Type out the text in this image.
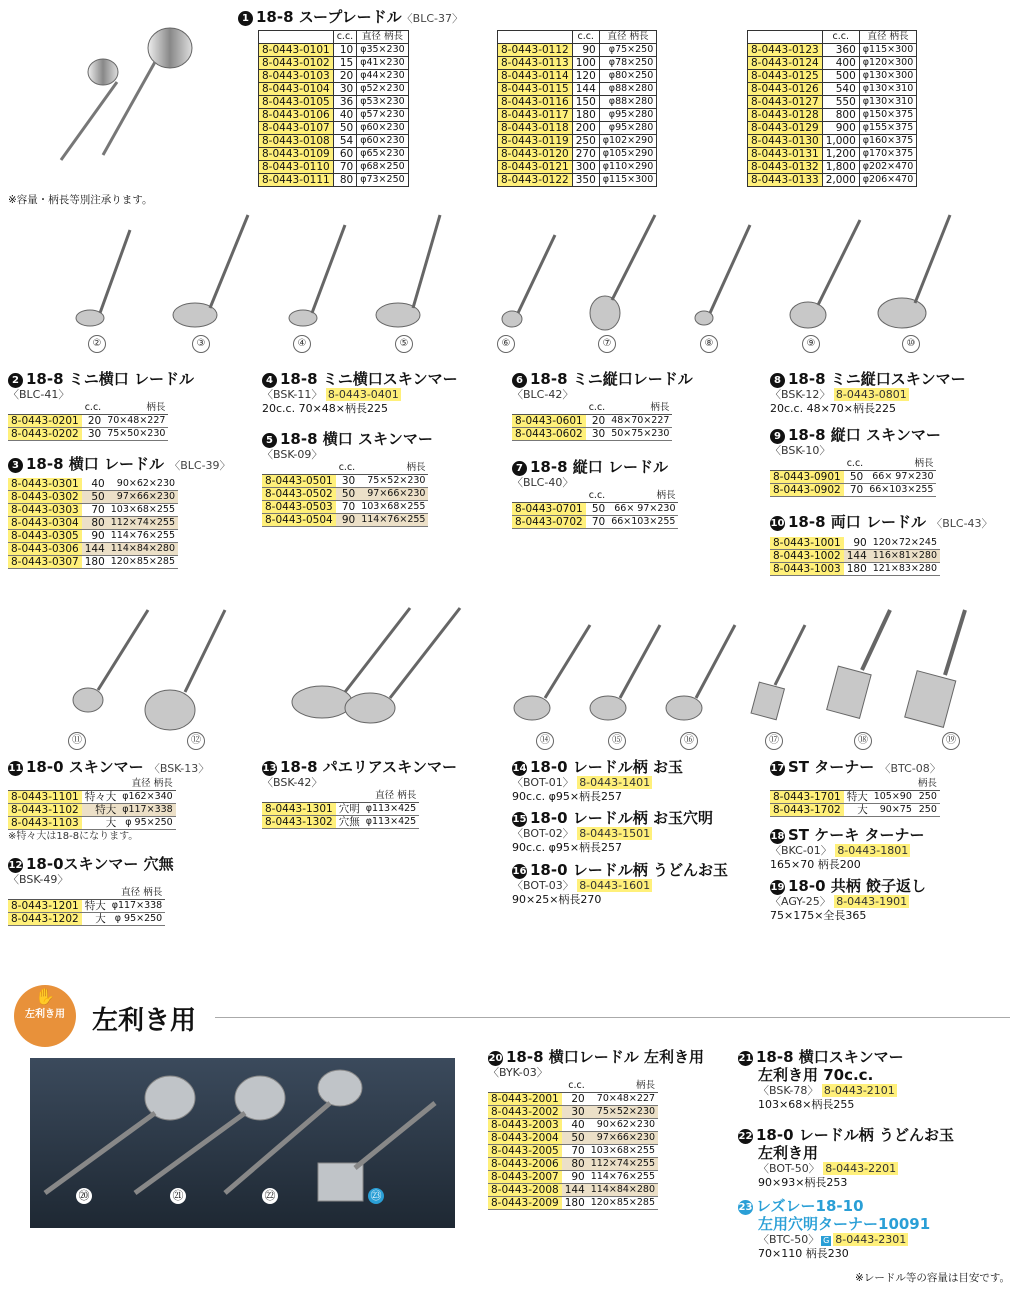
※容量・柄長等別注承ります。
1 18-8 スープレードル〈BLC-37〉
	c.c.	直径 柄長
8-0443-0101	10	φ35×230
8-0443-0102	15	φ41×230
8-0443-0103	20	φ44×230
8-0443-0104	30	φ52×230
8-0443-0105	36	φ53×230
8-0443-0106	40	φ57×230
8-0443-0107	50	φ60×230
8-0443-0108	54	φ60×230
8-0443-0109	60	φ65×230
8-0443-0110	70	φ68×250
8-0443-0111	80	φ73×250
	c.c.	直径 柄長
8-0443-0112	90	φ75×250
8-0443-0113	100	φ78×250
8-0443-0114	120	φ80×250
8-0443-0115	144	φ88×280
8-0443-0116	150	φ88×280
8-0443-0117	180	φ95×280
8-0443-0118	200	φ95×280
8-0443-0119	250	φ102×290
8-0443-0120	270	φ105×290
8-0443-0121	300	φ110×290
8-0443-0122	350	φ115×300
	c.c.	直径 柄長
8-0443-0123	360	φ115×300
8-0443-0124	400	φ120×300
8-0443-0125	500	φ130×300
8-0443-0126	540	φ130×310
8-0443-0127	550	φ130×310
8-0443-0128	800	φ150×375
8-0443-0129	900	φ155×375
8-0443-0130	1,000	φ160×375
8-0443-0131	1,200	φ170×375
8-0443-0132	1,800	φ202×470
8-0443-0133	2,000	φ206×470
②	③	④	⑤	⑥	⑦	⑧	⑨	⑩
2 18-8 ミニ横口 レードル
〈BLC-41〉
	c.c.	柄長
8-0443-0201	20	70×48×227
8-0443-0202	30	75×50×230
3 18-8 横口 レードル 〈BLC-39〉
8-0443-0301	40	90×62×230
8-0443-0302	50	97×66×230
8-0443-0303	70	103×68×255
8-0443-0304	80	112×74×255
8-0443-0305	90	114×76×255
8-0443-0306	144	114×84×280
8-0443-0307	180	120×85×285
4 18-8 ミニ横口スキンマー
〈BSK-11〉 8-0443-0401
20c.c. 70×48×柄長225
5 18-8 横口 スキンマー
〈BSK-09〉
	c.c.	柄長
8-0443-0501	30	75×52×230
8-0443-0502	50	97×66×230
8-0443-0503	70	103×68×255
8-0443-0504	90	114×76×255
6 18-8 ミニ縦口レードル
〈BLC-42〉
	c.c.	柄長
8-0443-0601	20	48×70×227
8-0443-0602	30	50×75×230
7 18-8 縦口 レードル
〈BLC-40〉
	c.c.	柄長
8-0443-0701	50	66× 97×230
8-0443-0702	70	66×103×255
8 18-8 ミニ縦口スキンマー
〈BSK-12〉 8-0443-0801
20c.c. 48×70×柄長225
9 18-8 縦口 スキンマー
〈BSK-10〉
	c.c.	柄長
8-0443-0901	50	66× 97×230
8-0443-0902	70	66×103×255
10 18-8 両口 レードル 〈BLC-43〉
8-0443-1001	90	120×72×245
8-0443-1002	144	116×81×280
8-0443-1003	180	121×83×280
⑪	⑫	⑭	⑮	⑯	⑰	⑱	⑲
11 18-0 スキンマー 〈BSK-13〉
		直径 柄長
8-0443-1101	特々大	φ162×340
8-0443-1102	特大	φ117×338
8-0443-1103	大	φ 95×250
※特々大は18-8になります。
12 18-0スキンマー 穴無
〈BSK-49〉
		直径 柄長
8-0443-1201	特大	φ117×338
8-0443-1202	大	φ 95×250
13 18-8 パエリアスキンマー
〈BSK-42〉
		直径 柄長
8-0443-1301	穴明	φ113×425
8-0443-1302	穴無	φ113×425
14 18-0 レードル柄 お玉
〈BOT-01〉 8-0443-1401
90c.c. φ95×柄長257
15 18-0 レードル柄 お玉穴明
〈BOT-02〉 8-0443-1501
90c.c. φ95×柄長257
16 18-0 レードル柄 うどんお玉
〈BOT-03〉 8-0443-1601
90×25×柄長270
17 ST ターナー 〈BTC-08〉
			柄長
8-0443-1701	特大	105×90	250
8-0443-1702	大	90×75	250
18 ST ケーキ ターナー
〈BKC-01〉 8-0443-1801
165×70 柄長200
19 18-0 共柄 餃子返し
〈AGY-25〉 8-0443-1901
75×175×全長365
✋
左利き用	左利き用
⑳	㉑	㉒	㉓
20 18-8 横口レードル 左利き用
〈BYK-03〉
	c.c.	柄長
8-0443-2001	20	70×48×227
8-0443-2002	30	75×52×230
8-0443-2003	40	90×62×230
8-0443-2004	50	97×66×230
8-0443-2005	70	103×68×255
8-0443-2006	80	112×74×255
8-0443-2007	90	114×76×255
8-0443-2008	144	114×84×280
8-0443-2009	180	120×85×285
21 18-8 横口スキンマー
左利き用 70c.c.
〈BSK-78〉 8-0443-2101
103×68×柄長255
22 18-0 レードル柄 うどんお玉
左利き用
〈BOT-50〉 8-0443-2201
90×93×柄長253
23 レズレー18-10
左用穴明ターナー10091
〈BTC-50〉 G 8-0443-2301
70×110 柄長230
※レードル等の容量は目安です。
